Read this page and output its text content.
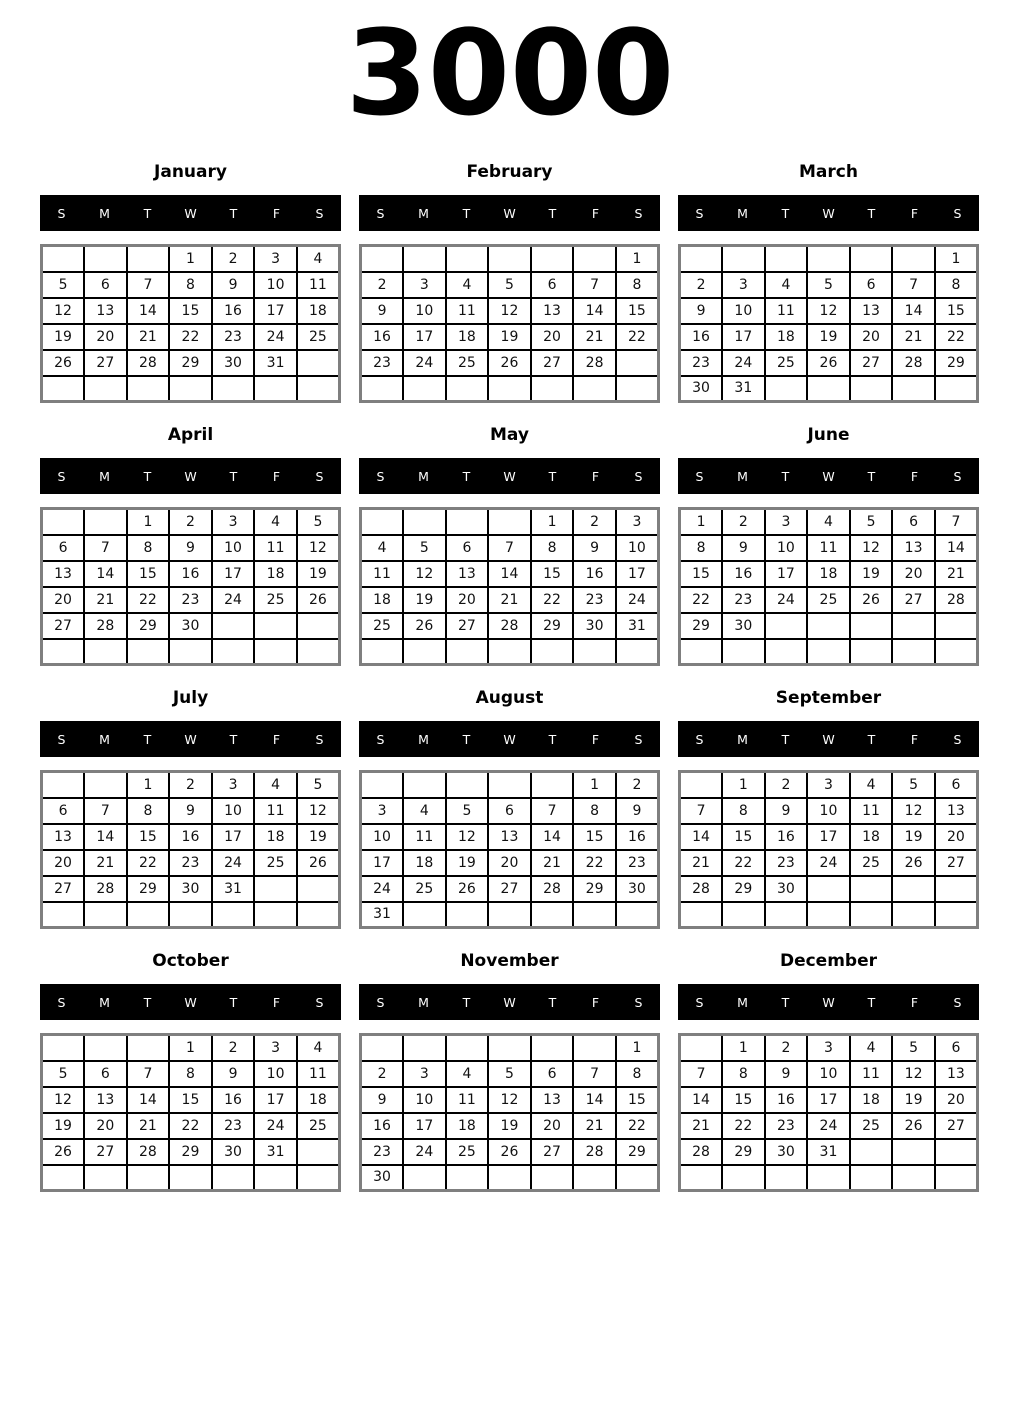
3000
January
S	M	T	W	T	F	S
			1	2	3	4
5	6	7	8	9	10	11
12	13	14	15	16	17	18
19	20	21	22	23	24	25
26	27	28	29	30	31	

February
S	M	T	W	T	F	S
						1
2	3	4	5	6	7	8
9	10	11	12	13	14	15
16	17	18	19	20	21	22
23	24	25	26	27	28	

March
S	M	T	W	T	F	S
						1
2	3	4	5	6	7	8
9	10	11	12	13	14	15
16	17	18	19	20	21	22
23	24	25	26	27	28	29
30	31					
April
S	M	T	W	T	F	S
		1	2	3	4	5
6	7	8	9	10	11	12
13	14	15	16	17	18	19
20	21	22	23	24	25	26
27	28	29	30			

May
S	M	T	W	T	F	S
				1	2	3
4	5	6	7	8	9	10
11	12	13	14	15	16	17
18	19	20	21	22	23	24
25	26	27	28	29	30	31

June
S	M	T	W	T	F	S
1	2	3	4	5	6	7
8	9	10	11	12	13	14
15	16	17	18	19	20	21
22	23	24	25	26	27	28
29	30					

July
S	M	T	W	T	F	S
		1	2	3	4	5
6	7	8	9	10	11	12
13	14	15	16	17	18	19
20	21	22	23	24	25	26
27	28	29	30	31		

August
S	M	T	W	T	F	S
					1	2
3	4	5	6	7	8	9
10	11	12	13	14	15	16
17	18	19	20	21	22	23
24	25	26	27	28	29	30
31						
September
S	M	T	W	T	F	S
	1	2	3	4	5	6
7	8	9	10	11	12	13
14	15	16	17	18	19	20
21	22	23	24	25	26	27
28	29	30				

October
S	M	T	W	T	F	S
			1	2	3	4
5	6	7	8	9	10	11
12	13	14	15	16	17	18
19	20	21	22	23	24	25
26	27	28	29	30	31	

November
S	M	T	W	T	F	S
						1
2	3	4	5	6	7	8
9	10	11	12	13	14	15
16	17	18	19	20	21	22
23	24	25	26	27	28	29
30						
December
S	M	T	W	T	F	S
	1	2	3	4	5	6
7	8	9	10	11	12	13
14	15	16	17	18	19	20
21	22	23	24	25	26	27
28	29	30	31			
